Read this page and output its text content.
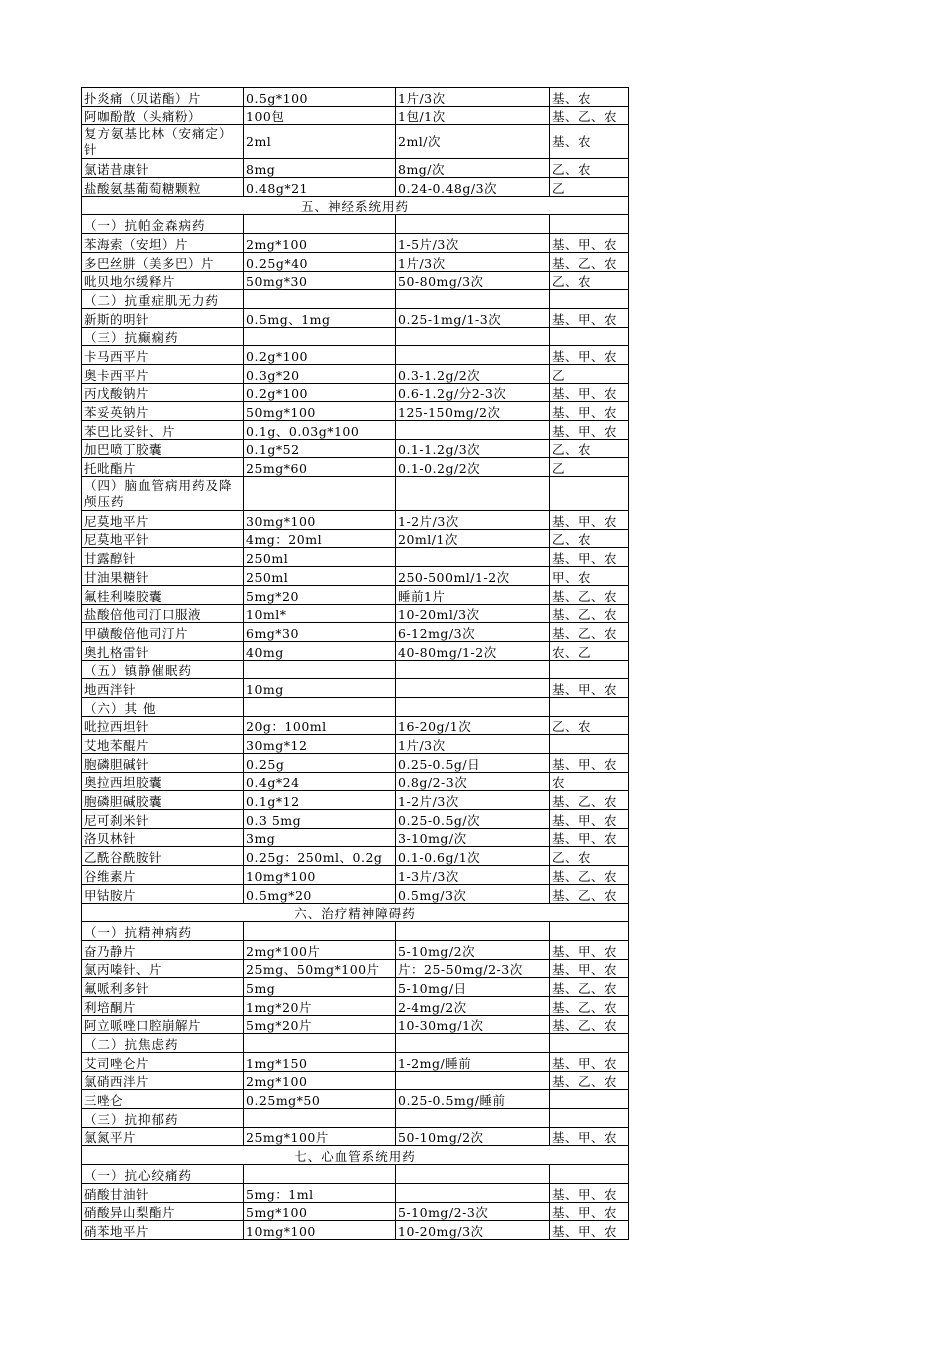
扑炎痛（贝诺酯）片	0.5g*100	1片/3次	基、农
阿咖酚散（头痛粉）	100包	1包/1次	基、乙、农
复方氨基比林（安痛定）针	2ml	2ml/次	基、农
氯诺昔康针	8mg	8mg/次	乙、农
盐酸氨基葡萄糖颗粒	0.48g*21	0.24-0.48g/3次	乙
五、神经系统用药			
（一）抗帕金森病药			
苯海索（安坦）片	2mg*100	1-5片/3次	基、甲、农
多巴丝肼（美多巴）片	0.25g*40	1片/3次	基、乙、农
吡贝地尔缓释片	50mg*30	50-80mg/3次	乙、农
（二）抗重症肌无力药			
新斯的明针	0.5mg、1mg	0.25-1mg/1-3次	基、甲、农
（三）抗癫痫药			
卡马西平片	0.2g*100		基、甲、农
奥卡西平片	0.3g*20	0.3-1.2g/2次	乙
丙戊酸钠片	0.2g*100	0.6-1.2g/分2-3次	基、甲、农
苯妥英钠片	50mg*100	125-150mg/2次	基、甲、农
苯巴比妥针、片	0.1g、0.03g*100		基、甲、农
加巴喷丁胶囊	0.1g*52	0.1-1.2g/3次	乙、农
托吡酯片	25mg*60	0.1-0.2g/2次	乙
（四）脑血管病用药及降颅压药			
尼莫地平片	30mg*100	1-2片/3次	基、甲、农
尼莫地平针	4mg：20ml	20ml/1次	乙、农
甘露醇针	250ml		基、甲、农
甘油果糖针	250ml	250-500ml/1-2次	甲、农
氟桂利嗪胶囊	5mg*20	睡前1片	基、乙、农
盐酸倍他司汀口服液	10ml*	10-20ml/3次	基、乙、农
甲磺酸倍他司汀片	6mg*30	6-12mg/3次	基、乙、农
奥扎格雷针	40mg	40-80mg/1-2次	农、乙
（五）镇静催眠药			
地西泮针	10mg		基、甲、农
（六）其 他			
吡拉西坦针	20g：100ml	16-20g/1次	乙、农
艾地苯醌片	30mg*12	1片/3次	
胞磷胆碱针	0.25g	0.25-0.5g/日	基、甲、农
奥拉西坦胶囊	0.4g*24	0.8g/2-3次	农
胞磷胆碱胶囊	0.1g*12	1-2片/3次	基、乙、农
尼可刹米针	0.3 5mg	0.25-0.5g/次	基、甲、农
洛贝林针	3mg	3-10mg/次	基、甲、农
乙酰谷酰胺针	0.25g：250ml、0.2g	0.1-0.6g/1次	乙、农
谷维素片	10mg*100	1-3片/3次	基、乙、农
甲钴胺片	0.5mg*20	0.5mg/3次	基、乙、农
六、治疗精神障碍药			
（一）抗精神病药			
奋乃静片	2mg*100片	5-10mg/2次	基、甲、农
氯丙嗪针、片	25mg、50mg*100片	片：25-50mg/2-3次	基、甲、农
氟哌利多针	5mg	5-10mg/日	基、乙、农
利培酮片	1mg*20片	2-4mg/2次	基、乙、农
阿立哌唑口腔崩解片	5mg*20片	10-30mg/1次	基、乙、农
（二）抗焦虑药			
艾司唑仑片	1mg*150	1-2mg/睡前	基、甲、农
氯硝西泮片	2mg*100		基、乙、农
三唑仑	0.25mg*50	0.25-0.5mg/睡前	
（三）抗抑郁药			
氯氮平片	25mg*100片	50-10mg/2次	基、甲、农
七、心血管系统用药			
（一）抗心绞痛药			
硝酸甘油针	5mg：1ml		基、甲、农
硝酸异山梨酯片	5mg*100	5-10mg/2-3次	基、甲、农
硝苯地平片	10mg*100	10-20mg/3次	基、甲、农
